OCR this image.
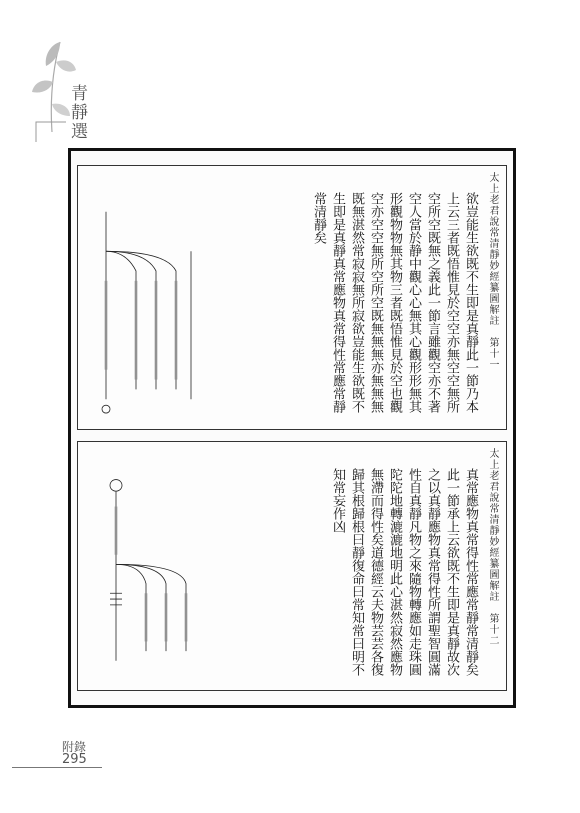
青靜選
太上老君說常清靜妙經纂圖解註　第十一
欲豈能生欲既不生即是真靜此一節乃本上云三者既悟惟見於空空亦無空空無所空所空既無之義此一節言雖觀空亦不著空人當於静中觀心心無其心觀形形無其形觀物物無其物三者既悟惟見於空也觀空亦空空無所空所空既無無無亦無無無既無湛然常寂寂無所寂欲豈能生欲既不生即是真靜真常應物真常得性常應常靜常清靜矣
太上老君說常清靜妙經纂圖解註　第十二
真常應物真常得性常應常靜常清靜矣此一節承上云欲既不生即是真靜故次之以真靜應物真常得性所謂聖智圓滿性自真靜凡物之來隨物轉應如走珠圓陀陀地轉漉漉地明此心湛然寂然應物無滯而得性矣道德經云夫物芸芸各復歸其根歸根曰靜復命曰常知常曰明不知常妄作凶
附錄
295
